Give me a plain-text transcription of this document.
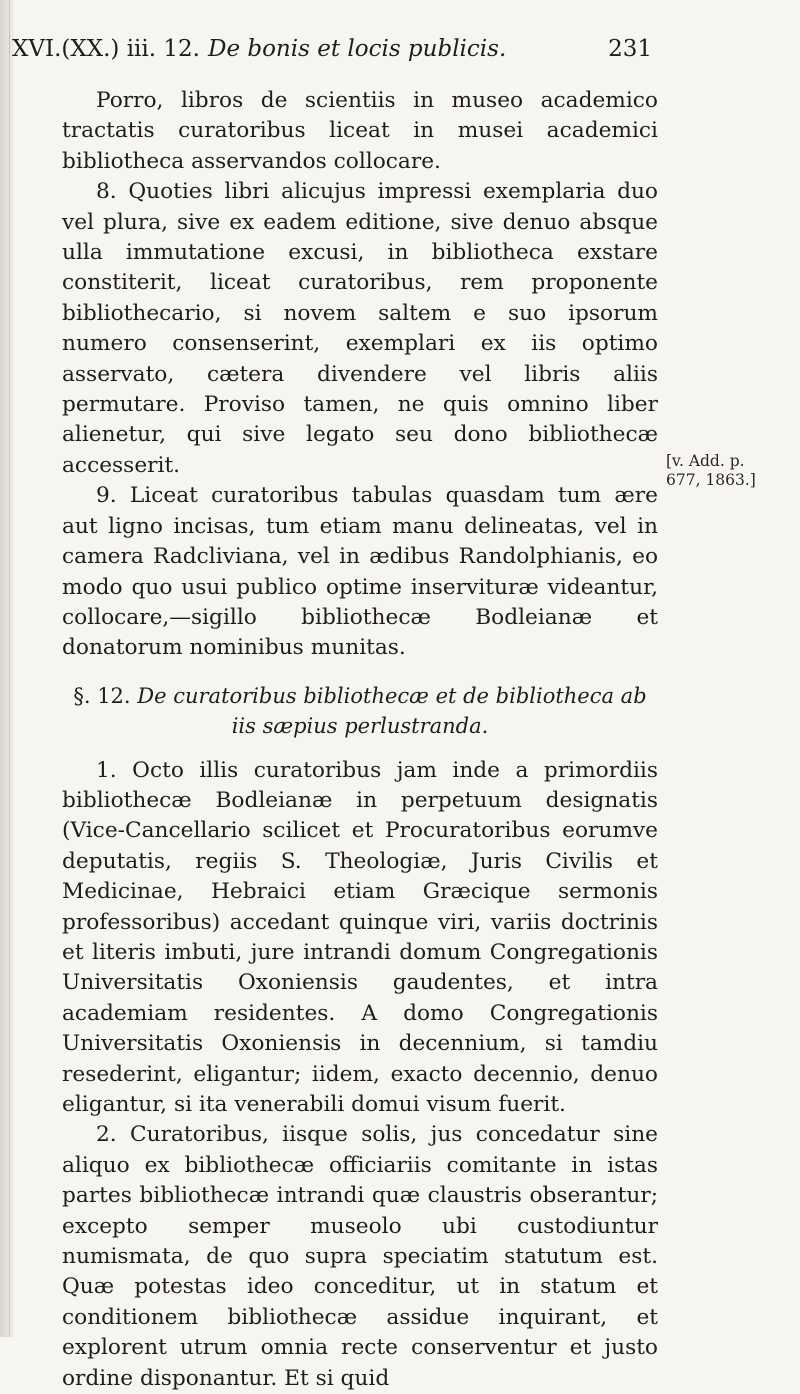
XVI.(XX.) iii. 12. De bonis et locis publicis.	231
[v. Add. p.
677, 1863.]

Porro, libros de scientiis in museo academico tractatis curatoribus liceat in musei academici bibliotheca asservandos collocare.

8. Quoties libri alicujus impressi exemplaria duo vel plura, sive ex eadem editione, sive denuo absque ulla immutatione excusi, in bibliotheca exstare constiterit, liceat curatoribus, rem proponente bibliothecario, si novem saltem e suo ipsorum numero consenserint, exemplari ex iis optimo asservato, cætera divendere vel libris aliis permutare. Proviso tamen, ne quis omnino liber alienetur, qui sive legato seu dono bibliothecæ accesserit.

9. Liceat curatoribus tabulas quasdam tum ære aut ligno incisas, tum etiam manu delineatas, vel in camera Radcliviana, vel in ædibus Randolphianis, eo modo quo usui publico optime inservituræ videantur, collocare,—sigillo bibliothecæ Bodleianæ et donatorum nominibus munitas.

§. 12. De curatoribus bibliothecæ et de bibliotheca ab iis sæpius perlustranda.

1. Octo illis curatoribus jam inde a primordiis bibliothecæ Bodleianæ in perpetuum designatis (Vice-Cancellario scilicet et Procuratoribus eorumve deputatis, regiis S. Theologiæ, Juris Civilis et Medicinae, Hebraici etiam Græcique sermonis professoribus) accedant quinque viri, variis doctrinis et literis imbuti, jure intrandi domum Congregationis Universitatis Oxoniensis gaudentes, et intra academiam residentes. A domo Congregationis Universitatis Oxoniensis in decennium, si tamdiu resederint, eligantur; iidem, exacto decennio, denuo eligantur, si ita venerabili domui visum fuerit.

2. Curatoribus, iisque solis, jus concedatur sine aliquo ex bibliothecæ officiariis comitante in istas partes bibliothecæ intrandi quæ claustris obserantur; excepto semper museolo ubi custodiuntur numismata, de quo supra speciatim statutum est. Quæ potestas ideo conceditur, ut in statum et conditionem bibliothecæ assidue inquirant, et explorent utrum omnia recte conserventur et justo ordine disponantur. Et si quid
